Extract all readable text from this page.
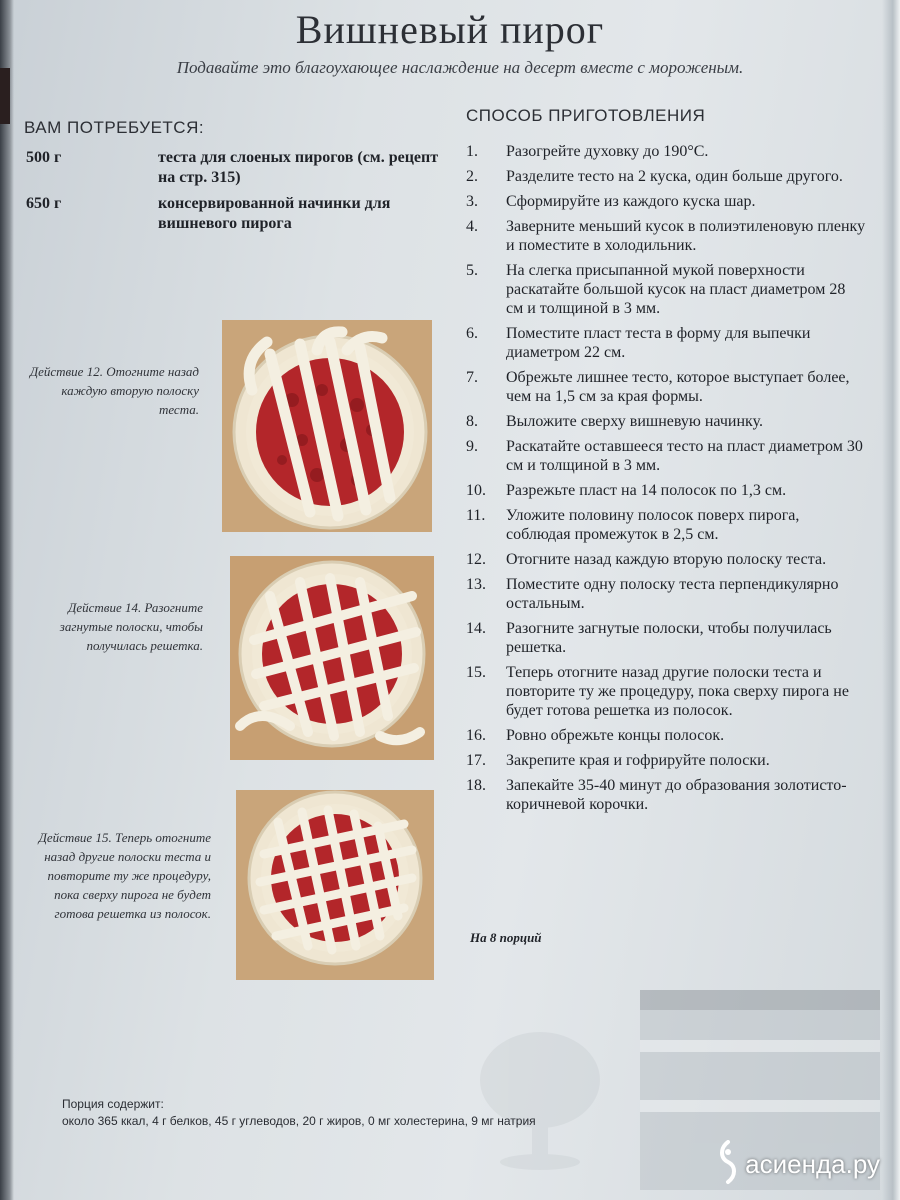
Вишневый пирог
Подавайте это благоухающее наслаждение на десерт вместе с мороженым.
ВАМ ПОТРЕБУЕТСЯ:
500 г	теста для слоеных пирогов (см. рецепт на стр. 315)
650 г	консервированной начинки для вишневого пирога
СПОСОБ ПРИГОТОВЛЕНИЯ
1.	Разогрейте духовку до 190°С.
2.	Разделите тесто на 2 куска, один больше другого.
3.	Сформируйте из каждого куска шар.
4.	Заверните меньший кусок в полиэтиленовую пленку и поместите в холодильник.
5.	На слегка присыпанной мукой поверхности раскатайте большой кусок на пласт диаметром 28 см и толщиной в 3 мм.
6.	Поместите пласт теста в форму для выпечки диаметром 22 см.
7.	Обрежьте лишнее тесто, которое выступает более, чем на 1,5 см за края формы.
8.	Выложите сверху вишневую начинку.
9.	Раскатайте оставшееся тесто на пласт диаметром 30 см и толщиной в 3 мм.
10.	Разрежьте пласт на 14 полосок по 1,3 см.
11.	Уложите половину полосок поверх пирога, соблюдая промежуток в 2,5 см.
12.	Отогните назад каждую вторую полоску теста.
13.	Поместите одну полоску теста перпендикулярно остальным.
14.	Разогните загнутые полоски, чтобы получилась решетка.
15.	Теперь отогните назад другие полоски теста и повторите ту же процедуру, пока сверху пирога не будет готова решетка из полосок.
16.	Ровно обрежьте концы полосок.
17.	Закрепите края и гофрируйте полоски.
18.	Запекайте 35-40 минут до образования золотисто-коричневой корочки.
На 8 порций
Действие 12. Отогните назад каждую вторую полоску теста.
Действие 14. Разогните загнутые полоски, чтобы получилась решетка.
Действие 15. Теперь отогните назад другие полоски теста и повторите ту же процедуру, пока сверху пирога не будет готова решетка из полосок.
Порция содержит:
около 365 ккал, 4 г белков, 45 г углеводов, 20 г жиров, 0 мг холестерина, 9 мг натрия
асиенда.ру
